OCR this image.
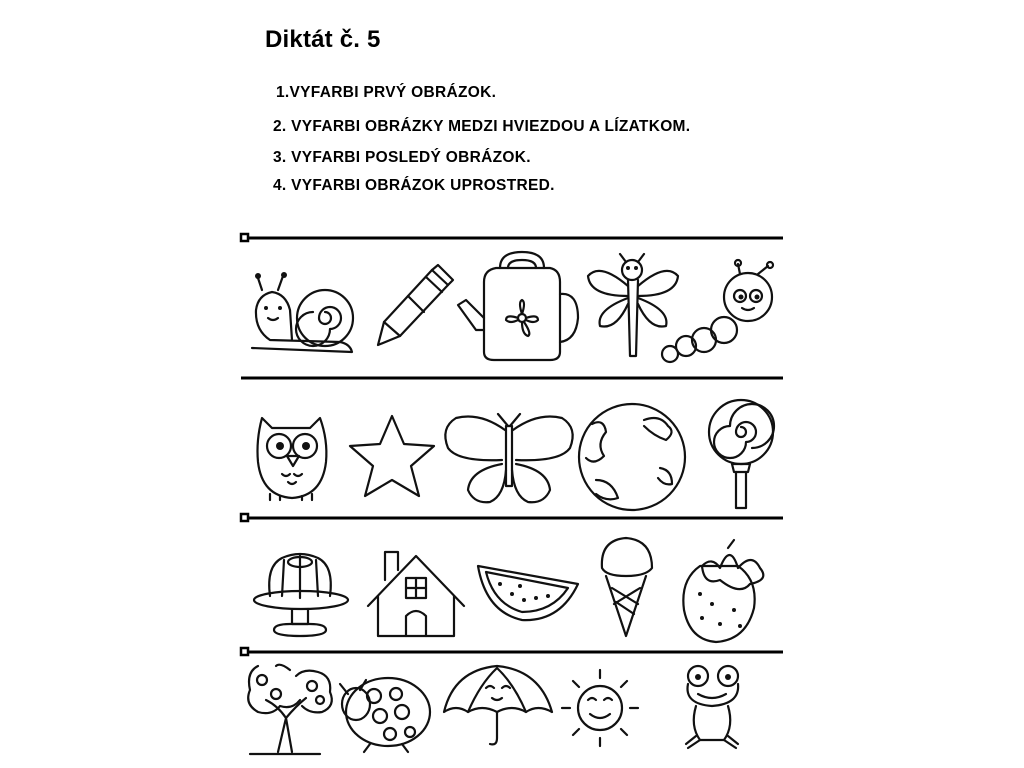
Diktát č. 5
1.VYFARBI PRVÝ OBRÁZOK.
2. VYFARBI OBRÁZKY MEDZI HVIEZDOU A LÍZATKOM.
3. VYFARBI POSLEDÝ OBRÁZOK.
4. VYFARBI OBRÁZOK UPROSTRED.
